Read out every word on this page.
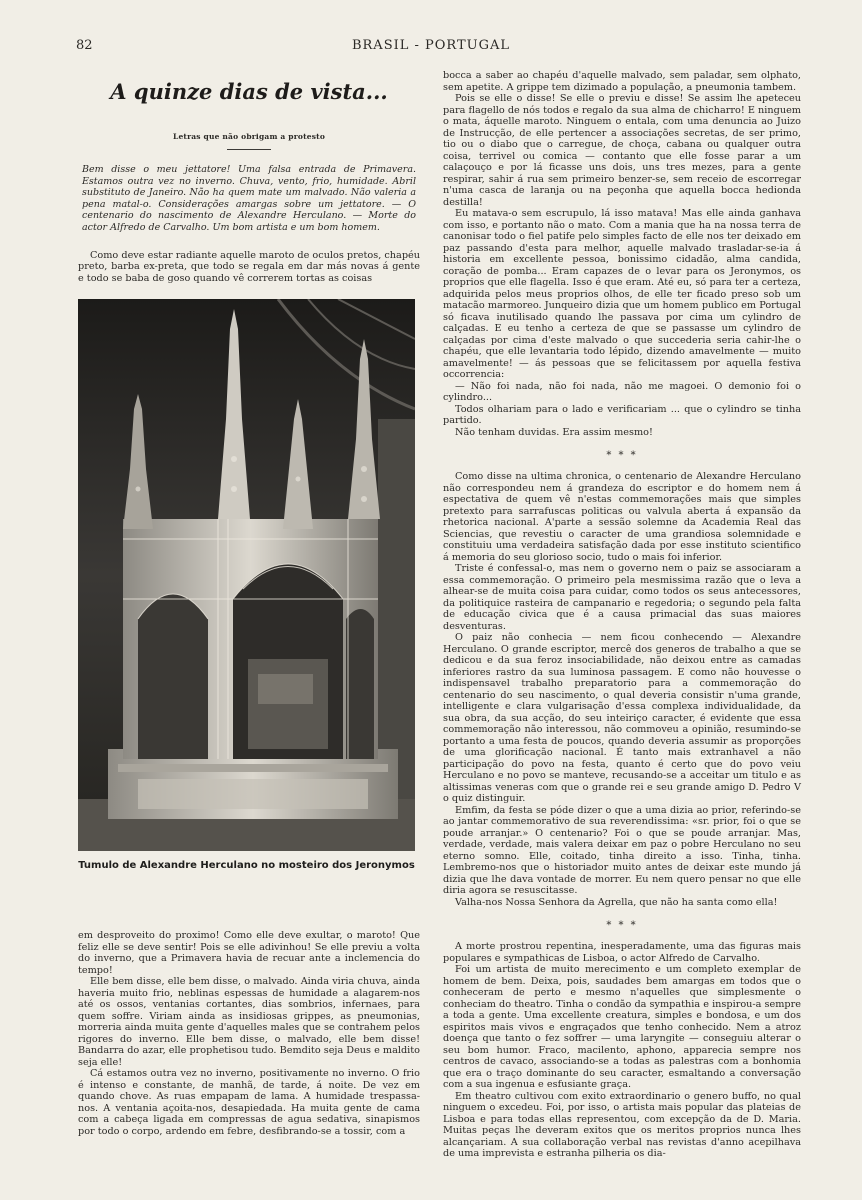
82	BRASIL - PORTUGAL
A quinze dias de vista...
Letras que não obrigam a protesto
Bem disse o meu jettatore! Uma falsa entrada de Primavera. Estamos outra vez no inverno. Chuva, vento, frio, humidade. Abril substituto de Janeiro. Não ha quem mate um malvado. Não valeria a pena matal-o. Considerações amargas sobre um jettatore. — O centenario do nascimento de Alexandre Herculano. — Morte do actor Alfredo de Carvalho. Um bom artista e um bom homem.

Como deve estar radiante aquelle maroto de oculos pretos, chapéu preto, barba ex-preta, que todo se regala em dar más novas á gente e todo se baba de goso quando vê correrem tortas as coisas

Tumulo de Alexandre Herculano no mosteiro dos Jeronymos

em desproveito do proximo! Como elle deve exultar, o maroto! Que feliz elle se deve sentir! Pois se elle adivinhou! Se elle previu a volta do inverno, que a Primavera havia de recuar ante a inclemencia do tempo!

Elle bem disse, elle bem disse, o malvado. Ainda viria chuva, ainda haveria muito frio, neblinas espessas de humidade a alagarem-nos até os ossos, ventanias cortantes, dias sombrios, infernaes, para quem soffre. Viriam ainda as insidiosas grippes, as pneumonias, morreria ainda muita gente d'aquelles males que se contrahem pelos rigores do inverno. Elle bem disse, o malvado, elle bem disse! Bandarra do azar, elle prophetisou tudo. Bemdito seja Deus e maldito seja elle!

Cá estamos outra vez no inverno, positivamente no inverno. O frio é intenso e constante, de manhã, de tarde, á noite. De vez em quando chove. As ruas empapam de lama. A humidade trespassa-nos. A ventania açoita-nos, desapiedada. Ha muita gente de cama com a cabeça ligada em compressas de agua sedativa, sinapismos por todo o corpo, ardendo em febre, desfibrando-se a tossir, com a

bocca a saber ao chapéu d'aquelle malvado, sem paladar, sem olphato, sem apetite. A grippe tem dizimado a população, a pneumonia tambem.

Pois se elle o disse! Se elle o previu e disse! Se assim lhe apeteceu para flagello de nós todos e regalo da sua alma de chicharro! E ninguem o mata, áquelle maroto. Ninguem o entala, com uma denuncia ao Juizo de Instrucção, de elle pertencer a associações secretas, de ser primo, tio ou o diabo que o carregue, de choça, cabana ou qualquer outra coisa, terrivel ou comica — contanto que elle fosse parar a um calaçouço e por lá ficasse uns dois, uns tres mezes, para a gente respirar, sahir á rua sem primeiro benzer-se, sem receio de escorregar n'uma casca de laranja ou na peçonha que aquella bocca hedionda destilla!

Eu matava-o sem escrupulo, lá isso matava! Mas elle ainda ganhava com isso, e portanto não o mato. Com a mania que ha na nossa terra de canonisar todo o fiel patife pelo simples facto de elle nos ter deixado em paz passando d'esta para melhor, aquelle malvado trasladar-se-ia á historia em excellente pessoa, bonissimo cidadão, alma candida, coração de pomba... Eram capazes de o levar para os Jeronymos, os proprios que elle flagella. Isso é que eram. Até eu, só para ter a certeza, adquirida pelos meus proprios olhos, de elle ter ficado preso sob um matacão marmoreo. Junqueiro dizia que um homem publico em Portugal só ficava inutilisado quando lhe passava por cima um cylindro de calçadas. E eu tenho a certeza de que se passasse um cylindro de calçadas por cima d'este malvado o que succederia seria cahir-lhe o chapéu, que elle levantaria todo lépido, dizendo amavelmente — muito amavelmente! — ás pessoas que se felicitassem por aquella festiva occorrencia:

— Não foi nada, não foi nada, não me magoei. O demonio foi o cylindro...

Todos olhariam para o lado e verificariam ... que o cylindro se tinha partido.

Não tenham duvidas. Era assim mesmo!

* * *

Como disse na ultima chronica, o centenario de Alexandre Herculano não correspondeu nem á grandeza do escriptor e do homem nem á espectativa de quem vê n'estas commemorações mais que simples pretexto para sarrafuscas politicas ou valvula aberta á expansão da rhetorica nacional. A'parte a sessão solemne da Academia Real das Sciencias, que revestiu o caracter de uma grandiosa solemnidade e constituiu uma verdadeira satisfação dada por esse instituto scientifico á memoria do seu glorioso socio, tudo o mais foi inferior.

Triste é confessal-o, mas nem o governo nem o paiz se associaram a essa commemoração. O primeiro pela mesmissima razão que o leva a alhear-se de muita coisa para cuidar, como todos os seus antecessores, da politiquice rasteira de campanario e regedoria; o segundo pela falta de educação civica que é a causa primacial das suas maiores desventuras.

O paiz não conhecia — nem ficou conhecendo — Alexandre Herculano. O grande escriptor, mercê dos generos de trabalho a que se dedicou e da sua feroz insociabilidade, não deixou entre as camadas inferiores rastro da sua luminosa passagem. E como não houvesse o indispensavel trabalho preparatorio para a commemoração do centenario do seu nascimento, o qual deveria consistir n'uma grande, intelligente e clara vulgarisação d'essa complexa individualidade, da sua obra, da sua acção, do seu inteiriço caracter, é evidente que essa commemoração não interessou, não commoveu a opinião, resumindo-se portanto a uma festa de poucos, quando deveria assumir as proporções de uma glorificação nacional. É tanto mais extranhavel a não participação do povo na festa, quanto é certo que do povo veiu Herculano e no povo se manteve, recusando-se a acceitar um titulo e as altissimas veneras com que o grande rei e seu grande amigo D. Pedro V o quiz distinguir.

Emfim, da festa se póde dizer o que a uma dizia ao prior, referindo-se ao jantar commemorativo de sua reverendissima: «sr. prior, foi o que se poude arranjar.» O centenario? Foi o que se poude arranjar. Mas, verdade, verdade, mais valera deixar em paz o pobre Herculano no seu eterno somno. Elle, coitado, tinha direito a isso. Tinha, tinha. Lembremo-nos que o historiador muito antes de deixar este mundo já dizia que lhe dava vontade de morrer. Eu nem quero pensar no que elle diria agora se resuscitasse.

Valha-nos Nossa Senhora da Agrella, que não ha santa como ella!

* * *

A morte prostrou repentina, inesperadamente, uma das figuras mais populares e sympathicas de Lisboa, o actor Alfredo de Carvalho.

Foi um artista de muito merecimento e um completo exemplar de homem de bem. Deixa, pois, saudades bem amargas em todos que o conheceram de perto e mesmo n'aquelles que simplesmente o conheciam do theatro. Tinha o condão da sympathia e inspirou-a sempre a toda a gente. Uma excellente creatura, simples e bondosa, e um dos espiritos mais vivos e engraçados que tenho conhecido. Nem a atroz doença que tanto o fez soffrer — uma laryngite — conseguiu alterar o seu bom humor. Fraco, macilento, aphono, apparecia sempre nos centros de cavaco, associando-se a todas as palestras com a bonhomia que era o traço dominante do seu caracter, esmaltando a conversação com a sua ingenua e esfusiante graça.

Em theatro cultivou com exito extraordinario o genero buffo, no qual ninguem o excedeu. Foi, por isso, o artista mais popular das plateias de Lisboa e para todas ellas representou, com excepção da de D. Maria. Muitas peças lhe deveram exitos que os meritos proprios nunca lhes alcançariam. A sua collaboração verbal nas revistas d'anno acepilhava de uma imprevista e estranha pilheria os dia-
